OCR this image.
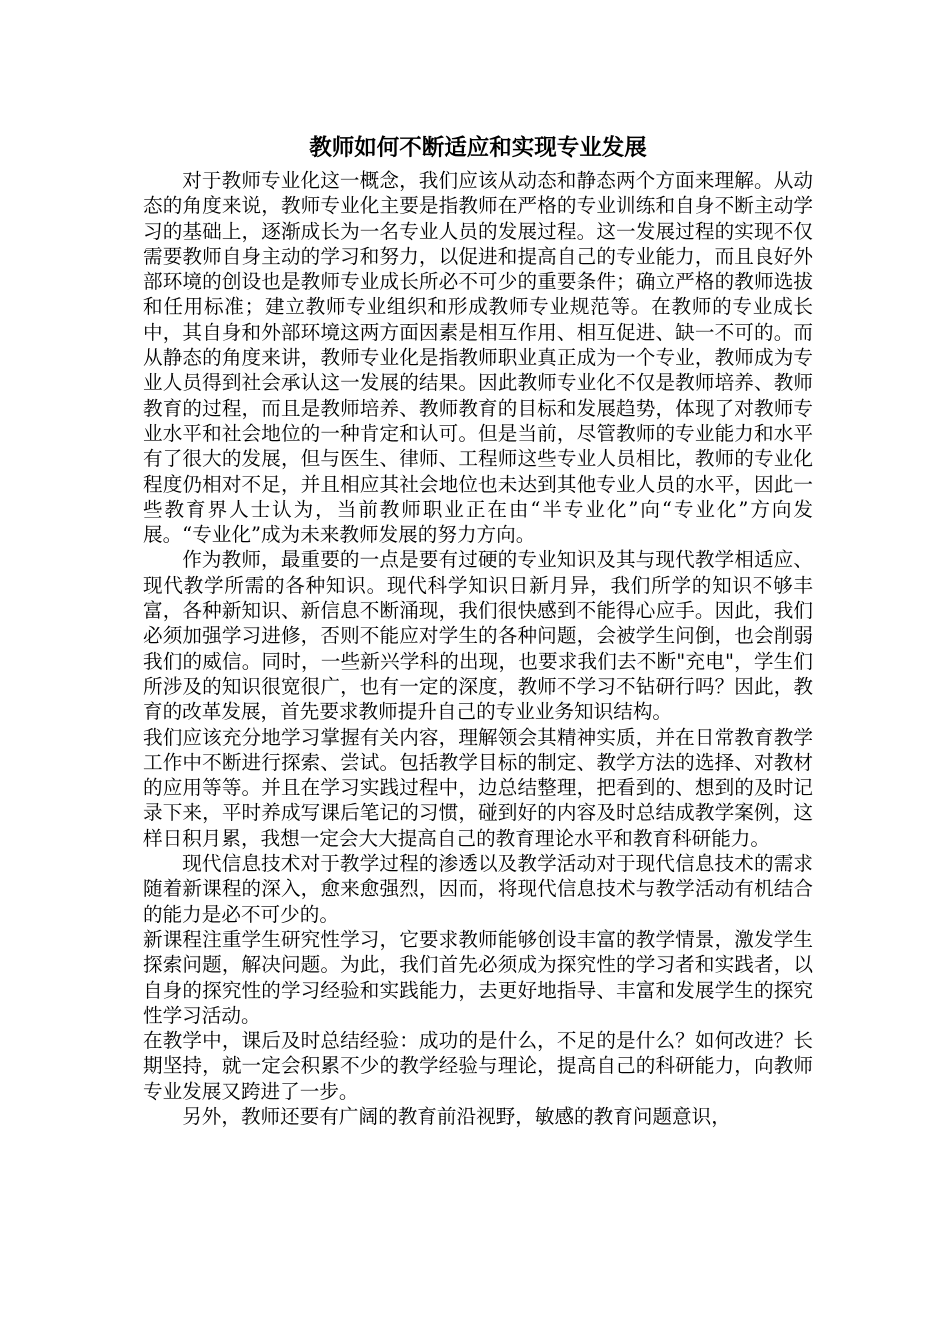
教师如何不断适应和实现专业发展

对于教师专业化这一概念，我们应该从动态和静态两个方面来理解。从动态的角度来说，教师专业化主要是指教师在严格的专业训练和自身不断主动学习的基础上，逐渐成长为一名专业人员的发展过程。这一发展过程的实现不仅需要教师自身主动的学习和努力，以促进和提高自己的专业能力，而且良好外部环境的创设也是教师专业成长所必不可少的重要条件；确立严格的教师选拔和任用标准；建立教师专业组织和形成教师专业规范等。在教师的专业成长中，其自身和外部环境这两方面因素是相互作用、相互促进、缺一不可的。而从静态的角度来讲，教师专业化是指教师职业真正成为一个专业，教师成为专业人员得到社会承认这一发展的结果。因此教师专业化不仅是教师培养、教师教育的过程，而且是教师培养、教师教育的目标和发展趋势，体现了对教师专业水平和社会地位的一种肯定和认可。但是当前，尽管教师的专业能力和水平有了很大的发展，但与医生、律师、工程师这些专业人员相比，教师的专业化程度仍相对不足，并且相应其社会地位也未达到其他专业人员的水平，因此一些教育界人士认为，当前教师职业正在由“半专业化”向“专业化”方向发展。“专业化”成为未来教师发展的努力方向。

作为教师，最重要的一点是要有过硬的专业知识及其与现代教学相适应、现代教学所需的各种知识。现代科学知识日新月异，我们所学的知识不够丰富，各种新知识、新信息不断涌现，我们很快感到不能得心应手。因此，我们必须加强学习进修，否则不能应对学生的各种问题，会被学生问倒，也会削弱我们的威信。同时，一些新兴学科的出现，也要求我们去不断"充电"，学生们所涉及的知识很宽很广，也有一定的深度，教师不学习不钻研行吗？因此，教育的改革发展，首先要求教师提升自己的专业业务知识结构。

我们应该充分地学习掌握有关内容，理解领会其精神实质，并在日常教育教学工作中不断进行探索、尝试。包括教学目标的制定、教学方法的选择、对教材的应用等等。并且在学习实践过程中，边总结整理，把看到的、想到的及时记录下来，平时养成写课后笔记的习惯，碰到好的内容及时总结成教学案例，这样日积月累，我想一定会大大提高自己的教育理论水平和教育科研能力。

现代信息技术对于教学过程的渗透以及教学活动对于现代信息技术的需求随着新课程的深入，愈来愈强烈，因而，将现代信息技术与教学活动有机结合的能力是必不可少的。

新课程注重学生研究性学习，它要求教师能够创设丰富的教学情景，激发学生探索问题，解决问题。为此，我们首先必须成为探究性的学习者和实践者，以自身的探究性的学习经验和实践能力，去更好地指导、丰富和发展学生的探究性学习活动。

在教学中，课后及时总结经验：成功的是什么，不足的是什么？如何改进？长期坚持，就一定会积累不少的教学经验与理论，提高自己的科研能力，向教师专业发展又跨进了一步。

另外，教师还要有广阔的教育前沿视野，敏感的教育问题意识，
